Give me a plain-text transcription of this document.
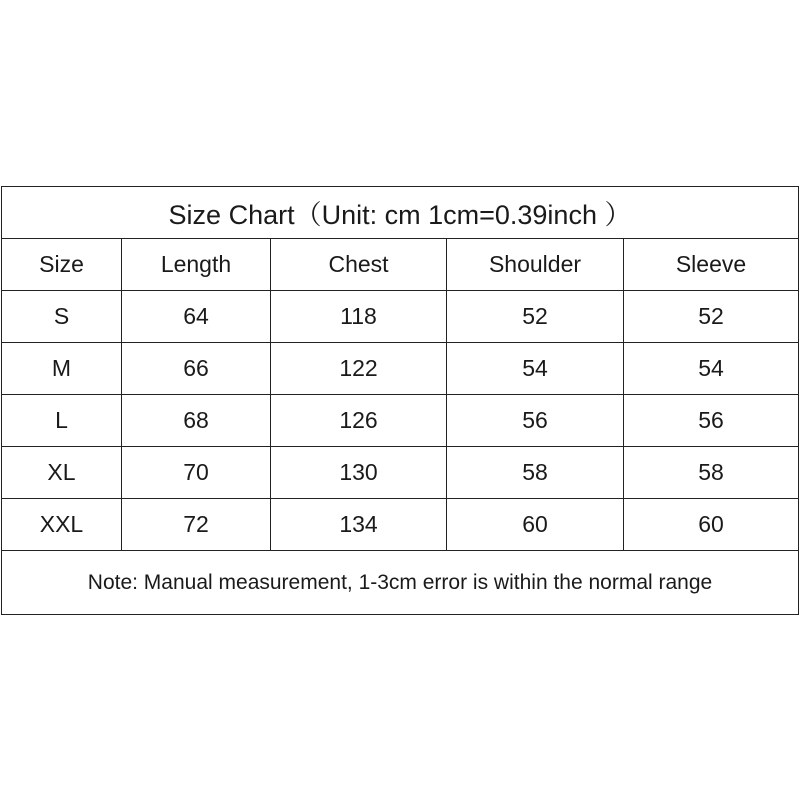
Size Chart（Unit: cm 1cm=0.39inch ）				
Size	Length	Chest	Shoulder	Sleeve
S	64	118	52	52
M	66	122	54	54
L	68	126	56	56
XL	70	130	58	58
XXL	72	134	60	60
Note: Manual measurement, 1-3cm error is within the normal range				
